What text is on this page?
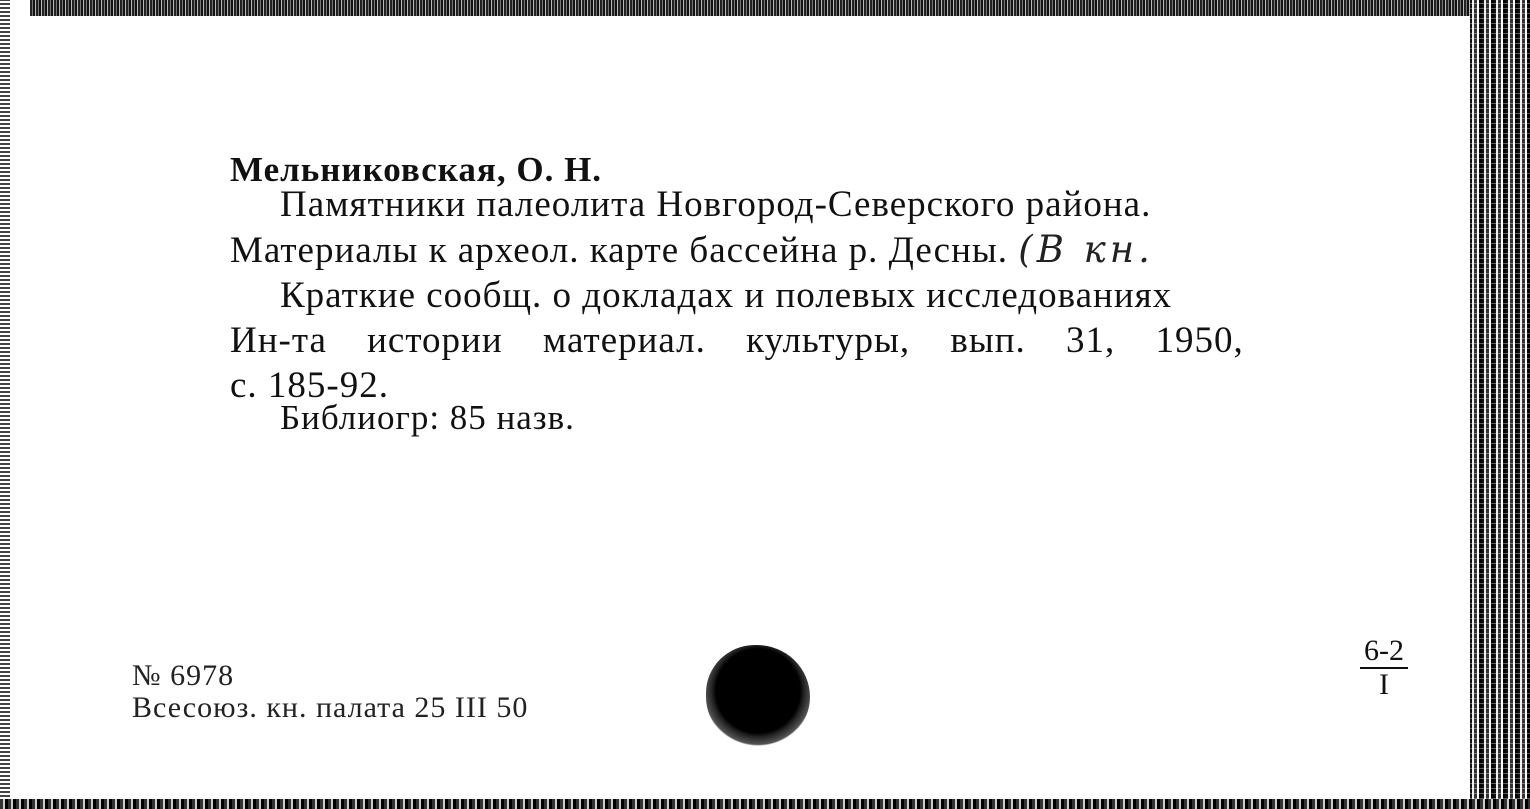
Мельниковская, О. Н.
Памятники палеолита Новгород-Северского района.
Материалы к археол. карте бассейна р. Десны. (В кн.
Краткие сообщ. о докладах и полевых исследованиях
Ин-та истории материал. культуры, вып. 31, 1950,
с. 185-92.
Библиогр: 85 назв.
№ 6978
Всесоюз. кн. палата 25 III 50
$\frac{6-2}{I}$
